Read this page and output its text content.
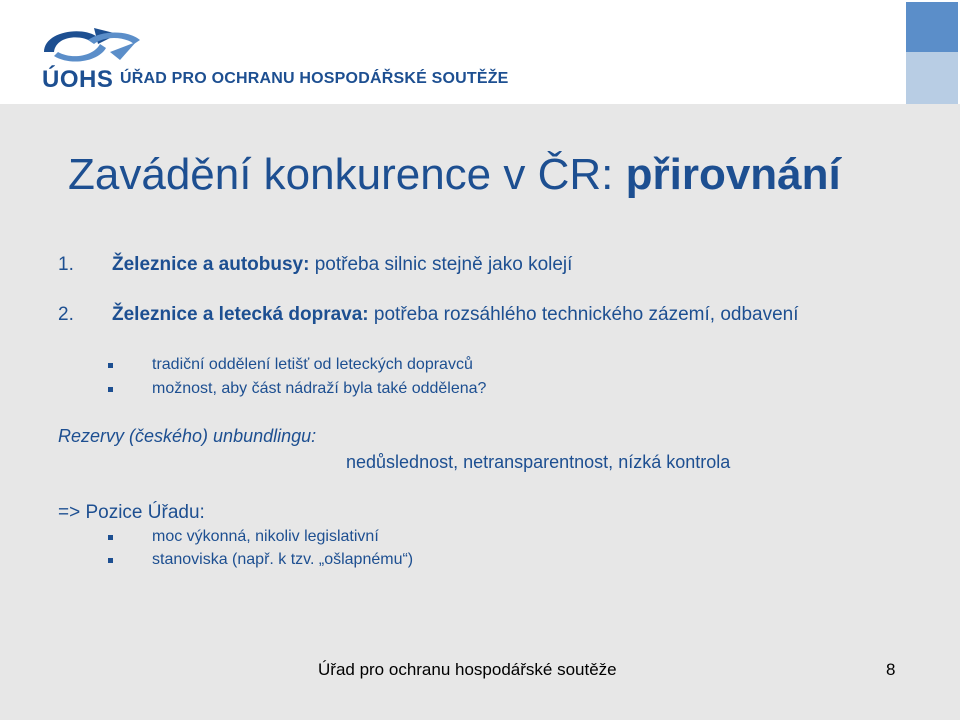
ÚOHS ÚŘAD PRO OCHRANU HOSPODÁŘSKÉ SOUTĚŽE
Zavádění konkurence v ČR: přirovnání
1. Železnice a autobusy: potřeba silnic stejně jako kolejí
2. Železnice a letecká doprava: potřeba rozsáhlého technického zázemí, odbavení
tradiční oddělení letišť od leteckých dopravců
možnost, aby část nádraží byla také oddělena?
Rezervy (českého) unbundlingu:
nedůslednost, netransparentnost, nízká kontrola
=> Pozice Úřadu:
moc výkonná, nikoliv legislativní
stanoviska (např. k tzv. „ošlapnému“)
Úřad pro ochranu hospodářské soutěže	8
